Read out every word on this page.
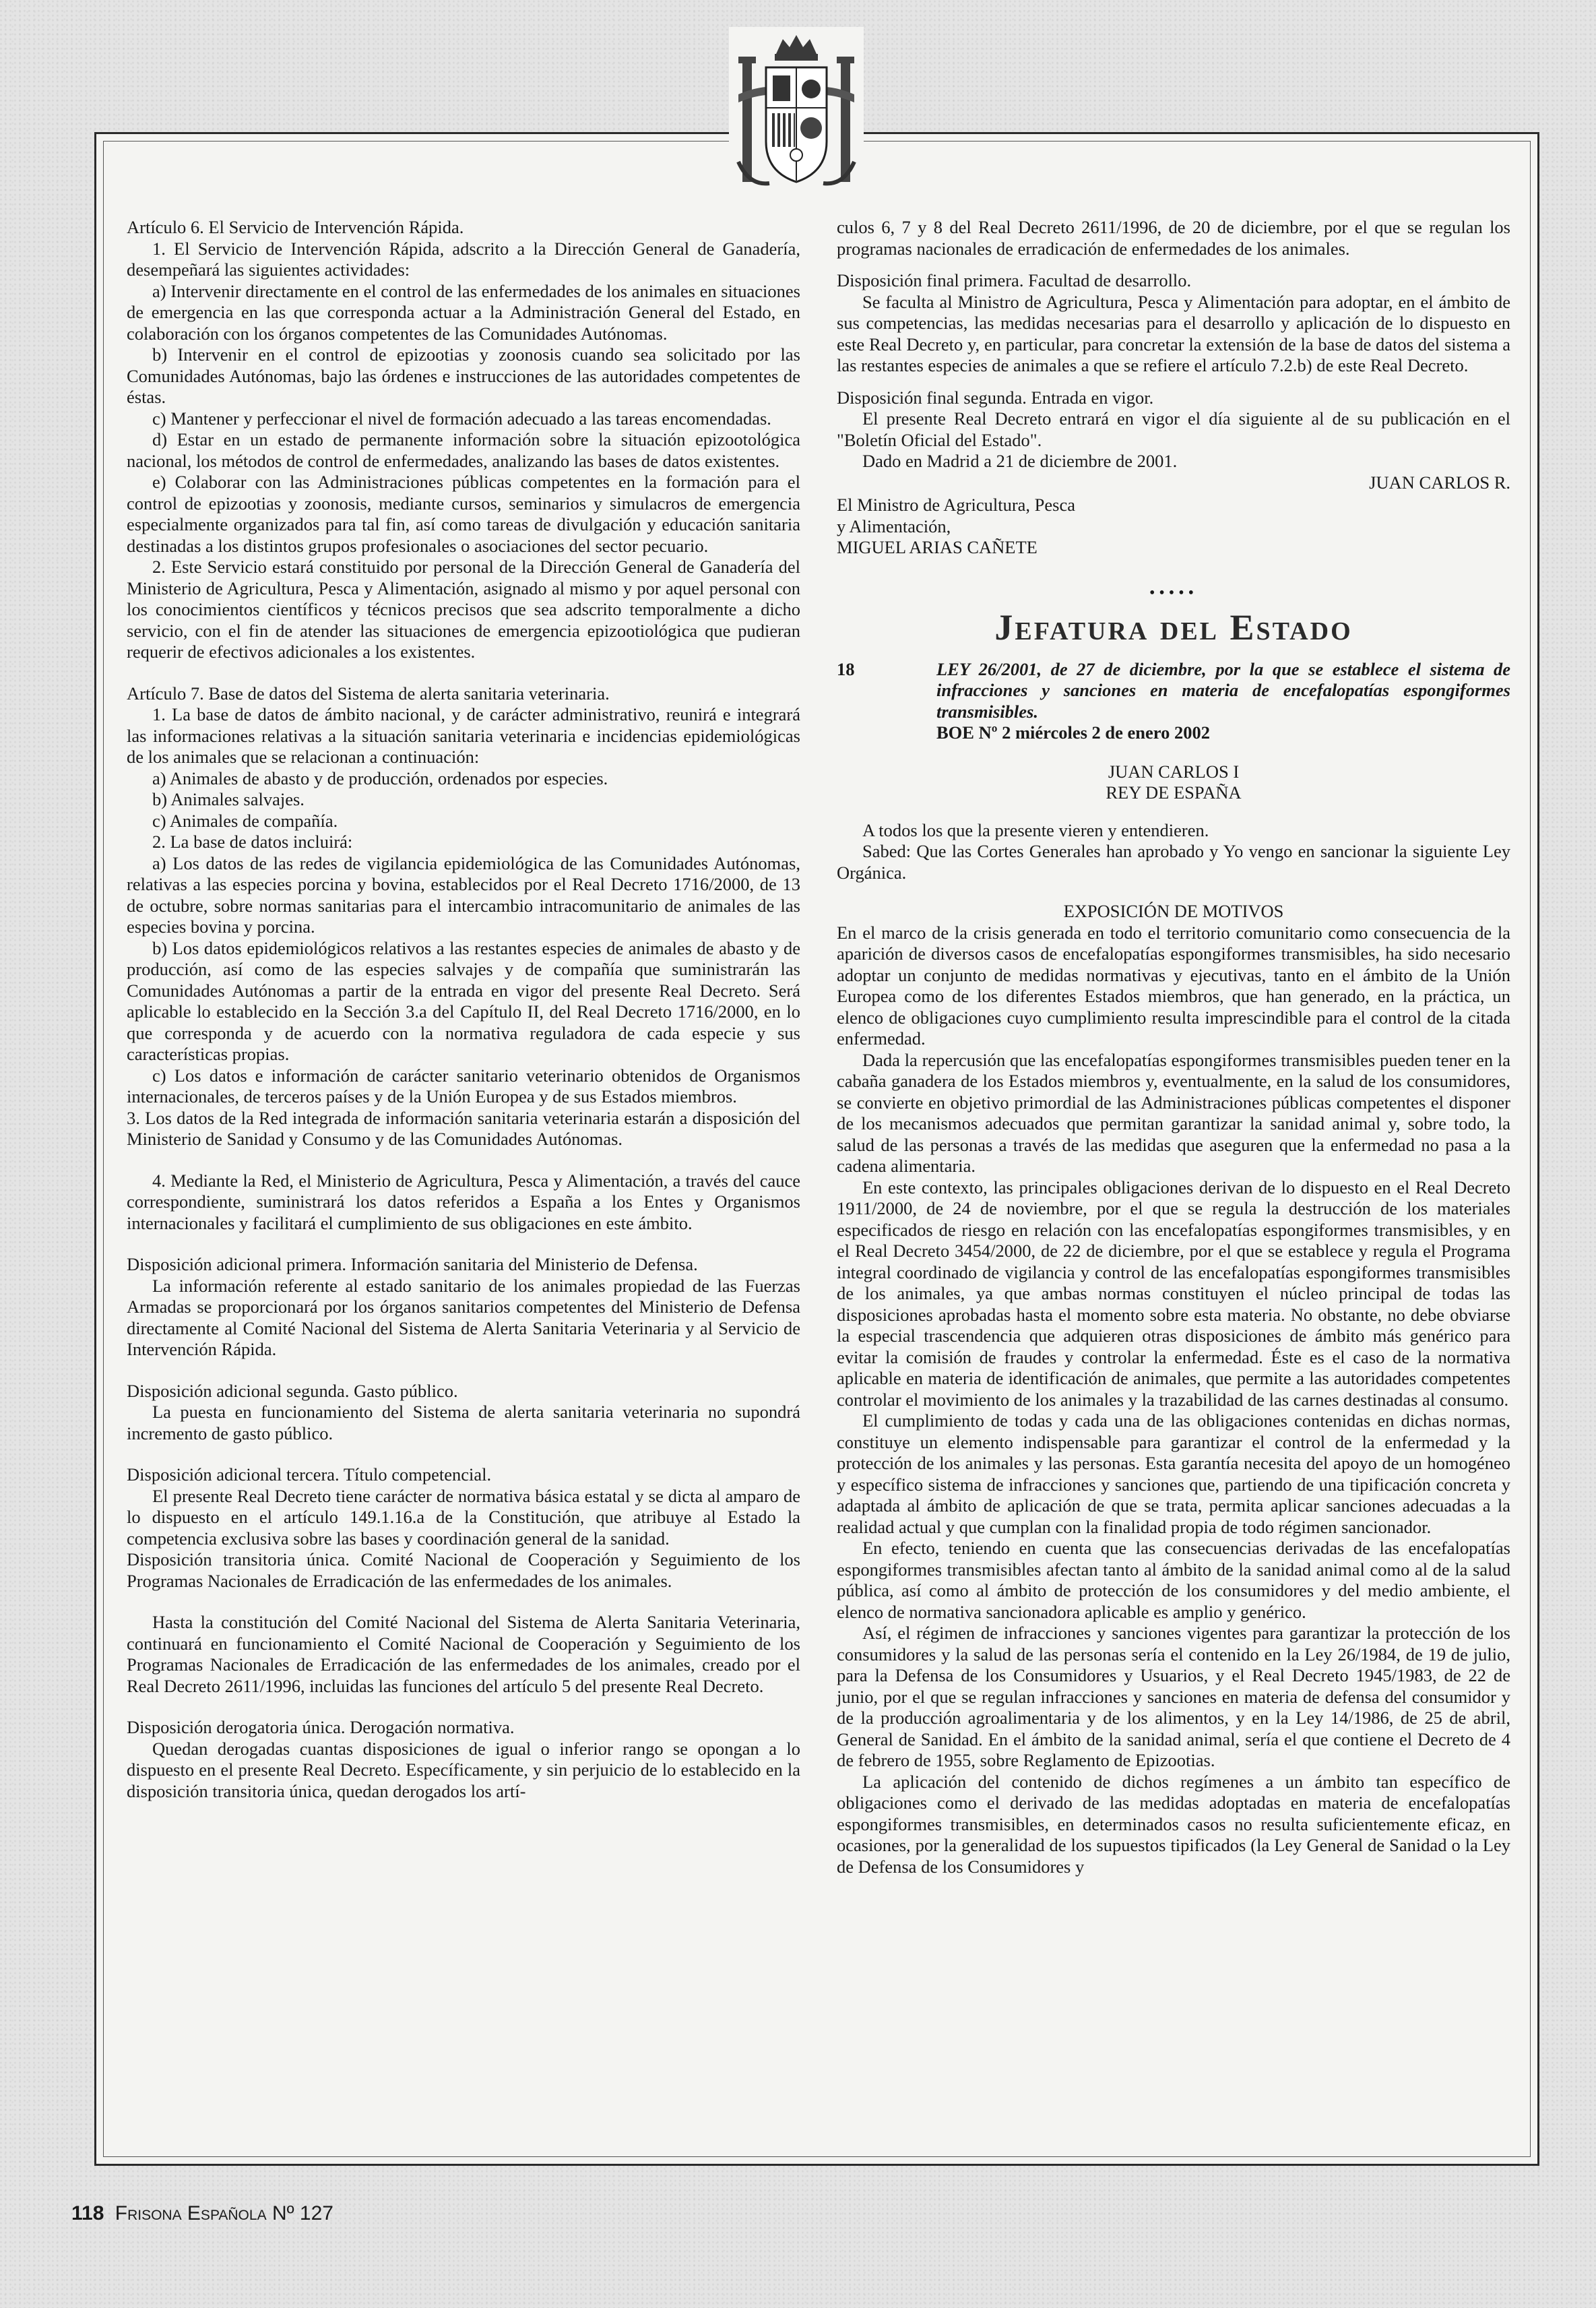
Artículo 6. El Servicio de Intervención Rápida.

1. El Servicio de Intervención Rápida, adscrito a la Dirección General de Ganadería, desempeñará las siguientes actividades:

a) Intervenir directamente en el control de las enfermedades de los animales en situaciones de emergencia en las que corresponda actuar a la Administración General del Estado, en colaboración con los órganos competentes de las Comunidades Autónomas.

b) Intervenir en el control de epizootias y zoonosis cuando sea solicitado por las Comunidades Autónomas, bajo las órdenes e instrucciones de las autoridades competentes de éstas.

c) Mantener y perfeccionar el nivel de formación adecuado a las tareas encomendadas.

d) Estar en un estado de permanente información sobre la situación epizootológica nacional, los métodos de control de enfermedades, analizando las bases de datos existentes.

e) Colaborar con las Administraciones públicas competentes en la formación para el control de epizootias y zoonosis, mediante cursos, seminarios y simulacros de emergencia especialmente organizados para tal fin, así como tareas de divulgación y educación sanitaria destinadas a los distintos grupos profesionales o asociaciones del sector pecuario.

2. Este Servicio estará constituido por personal de la Dirección General de Ganadería del Ministerio de Agricultura, Pesca y Alimentación, asignado al mismo y por aquel personal con los conocimientos científicos y técnicos precisos que sea adscrito temporalmente a dicho servicio, con el fin de atender las situaciones de emergencia epizootiológica que pudieran requerir de efectivos adicionales a los existentes.

Artículo 7. Base de datos del Sistema de alerta sanitaria veterinaria.

1. La base de datos de ámbito nacional, y de carácter administrativo, reunirá e integrará las informaciones relativas a la situación sanitaria veterinaria e incidencias epidemiológicas de los animales que se relacionan a continuación:

a) Animales de abasto y de producción, ordenados por especies.

b) Animales salvajes.

c) Animales de compañía.

2. La base de datos incluirá:

a) Los datos de las redes de vigilancia epidemiológica de las Comunidades Autónomas, relativas a las especies porcina y bovina, establecidos por el Real Decreto 1716/2000, de 13 de octubre, sobre normas sanitarias para el intercambio intracomunitario de animales de las especies bovina y porcina.

b) Los datos epidemiológicos relativos a las restantes especies de animales de abasto y de producción, así como de las especies salvajes y de compañía que suministrarán las Comunidades Autónomas a partir de la entrada en vigor del presente Real Decreto. Será aplicable lo establecido en la Sección 3.a del Capítulo II, del Real Decreto 1716/2000, en lo que corresponda y de acuerdo con la normativa reguladora de cada especie y sus características propias.

c) Los datos e información de carácter sanitario veterinario obtenidos de Organismos internacionales, de terceros países y de la Unión Europea y de sus Estados miembros.

3. Los datos de la Red integrada de información sanitaria veterinaria estarán a disposición del Ministerio de Sanidad y Consumo y de las Comunidades Autónomas.

4. Mediante la Red, el Ministerio de Agricultura, Pesca y Alimentación, a través del cauce correspondiente, suministrará los datos referidos a España a los Entes y Organismos internacionales y facilitará el cumplimiento de sus obligaciones en este ámbito.

Disposición adicional primera. Información sanitaria del Ministerio de Defensa.

La información referente al estado sanitario de los animales propiedad de las Fuerzas Armadas se proporcionará por los órganos sanitarios competentes del Ministerio de Defensa directamente al Comité Nacional del Sistema de Alerta Sanitaria Veterinaria y al Servicio de Intervención Rápida.

Disposición adicional segunda. Gasto público.

La puesta en funcionamiento del Sistema de alerta sanitaria veterinaria no supondrá incremento de gasto público.

Disposición adicional tercera. Título competencial.

El presente Real Decreto tiene carácter de normativa básica estatal y se dicta al amparo de lo dispuesto en el artículo 149.1.16.a de la Constitución, que atribuye al Estado la competencia exclusiva sobre las bases y coordinación general de la sanidad.

Disposición transitoria única. Comité Nacional de Cooperación y Seguimiento de los Programas Nacionales de Erradicación de las enfermedades de los animales.

Hasta la constitución del Comité Nacional del Sistema de Alerta Sanitaria Veterinaria, continuará en funcionamiento el Comité Nacional de Cooperación y Seguimiento de los Programas Nacionales de Erradicación de las enfermedades de los animales, creado por el Real Decreto 2611/1996, incluidas las funciones del artículo 5 del presente Real Decreto.

Disposición derogatoria única. Derogación normativa.

Quedan derogadas cuantas disposiciones de igual o inferior rango se opongan a lo dispuesto en el presente Real Decreto. Específicamente, y sin perjuicio de lo establecido en la disposición transitoria única, quedan derogados los artí-

culos 6, 7 y 8 del Real Decreto 2611/1996, de 20 de diciembre, por el que se regulan los programas nacionales de erradicación de enfermedades de los animales.

Disposición final primera. Facultad de desarrollo.

Se faculta al Ministro de Agricultura, Pesca y Alimentación para adoptar, en el ámbito de sus competencias, las medidas necesarias para el desarrollo y aplicación de lo dispuesto en este Real Decreto y, en particular, para concretar la extensión de la base de datos del sistema a las restantes especies de animales a que se refiere el artículo 7.2.b) de este Real Decreto.

Disposición final segunda. Entrada en vigor.

El presente Real Decreto entrará en vigor el día siguiente al de su publicación en el "Boletín Oficial del Estado".

Dado en Madrid a 21 de diciembre de 2001.

JUAN CARLOS R.

El Ministro de Agricultura, Pesca

y Alimentación,

MIGUEL ARIAS CAÑETE

•••••
Jefatura del Estado
18	LEY 26/2001, de 27 de diciembre, por la que se establece el sistema de infracciones y sanciones en materia de encefalopatías espongiformes transmisibles.

BOE Nº 2 miércoles 2 de enero 2002

JUAN CARLOS I

REY DE ESPAÑA

A todos los que la presente vieren y entendieren.

Sabed: Que las Cortes Generales han aprobado y Yo vengo en sancionar la siguiente Ley Orgánica.

EXPOSICIÓN DE MOTIVOS

En el marco de la crisis generada en todo el territorio comunitario como consecuencia de la aparición de diversos casos de encefalopatías espongiformes transmisibles, ha sido necesario adoptar un conjunto de medidas normativas y ejecutivas, tanto en el ámbito de la Unión Europea como de los diferentes Estados miembros, que han generado, en la práctica, un elenco de obligaciones cuyo cumplimiento resulta imprescindible para el control de la citada enfermedad.

Dada la repercusión que las encefalopatías espongiformes transmisibles pueden tener en la cabaña ganadera de los Estados miembros y, eventualmente, en la salud de los consumidores, se convierte en objetivo primordial de las Administraciones públicas competentes el disponer de los mecanismos adecuados que permitan garantizar la sanidad animal y, sobre todo, la salud de las personas a través de las medidas que aseguren que la enfermedad no pasa a la cadena alimentaria.

En este contexto, las principales obligaciones derivan de lo dispuesto en el Real Decreto 1911/2000, de 24 de noviembre, por el que se regula la destrucción de los materiales especificados de riesgo en relación con las encefalopatías espongiformes transmisibles, y en el Real Decreto 3454/2000, de 22 de diciembre, por el que se establece y regula el Programa integral coordinado de vigilancia y control de las encefalopatías espongiformes transmisibles de los animales, ya que ambas normas constituyen el núcleo principal de todas las disposiciones aprobadas hasta el momento sobre esta materia. No obstante, no debe obviarse la especial trascendencia que adquieren otras disposiciones de ámbito más genérico para evitar la comisión de fraudes y controlar la enfermedad. Éste es el caso de la normativa aplicable en materia de identificación de animales, que permite a las autoridades competentes controlar el movimiento de los animales y la trazabilidad de las carnes destinadas al consumo.

El cumplimiento de todas y cada una de las obligaciones contenidas en dichas normas, constituye un elemento indispensable para garantizar el control de la enfermedad y la protección de los animales y las personas. Esta garantía necesita del apoyo de un homogéneo y específico sistema de infracciones y sanciones que, partiendo de una tipificación concreta y adaptada al ámbito de aplicación de que se trata, permita aplicar sanciones adecuadas a la realidad actual y que cumplan con la finalidad propia de todo régimen sancionador.

En efecto, teniendo en cuenta que las consecuencias derivadas de las encefalopatías espongiformes transmisibles afectan tanto al ámbito de la sanidad animal como al de la salud pública, así como al ámbito de protección de los consumidores y del medio ambiente, el elenco de normativa sancionadora aplicable es amplio y genérico.

Así, el régimen de infracciones y sanciones vigentes para garantizar la protección de los consumidores y la salud de las personas sería el contenido en la Ley 26/1984, de 19 de julio, para la Defensa de los Consumidores y Usuarios, y el Real Decreto 1945/1983, de 22 de junio, por el que se regulan infracciones y sanciones en materia de defensa del consumidor y de la producción agroalimentaria y de los alimentos, y en la Ley 14/1986, de 25 de abril, General de Sanidad. En el ámbito de la sanidad animal, sería el que contiene el Decreto de 4 de febrero de 1955, sobre Reglamento de Epizootias.

La aplicación del contenido de dichos regímenes a un ámbito tan específico de obligaciones como el derivado de las medidas adoptadas en materia de encefalopatías espongiformes transmisibles, en determinados casos no resulta suficientemente eficaz, en ocasiones, por la generalidad de los supuestos tipificados (la Ley General de Sanidad o la Ley de Defensa de los Consumidores y

118 Frisona Española Nº 127
